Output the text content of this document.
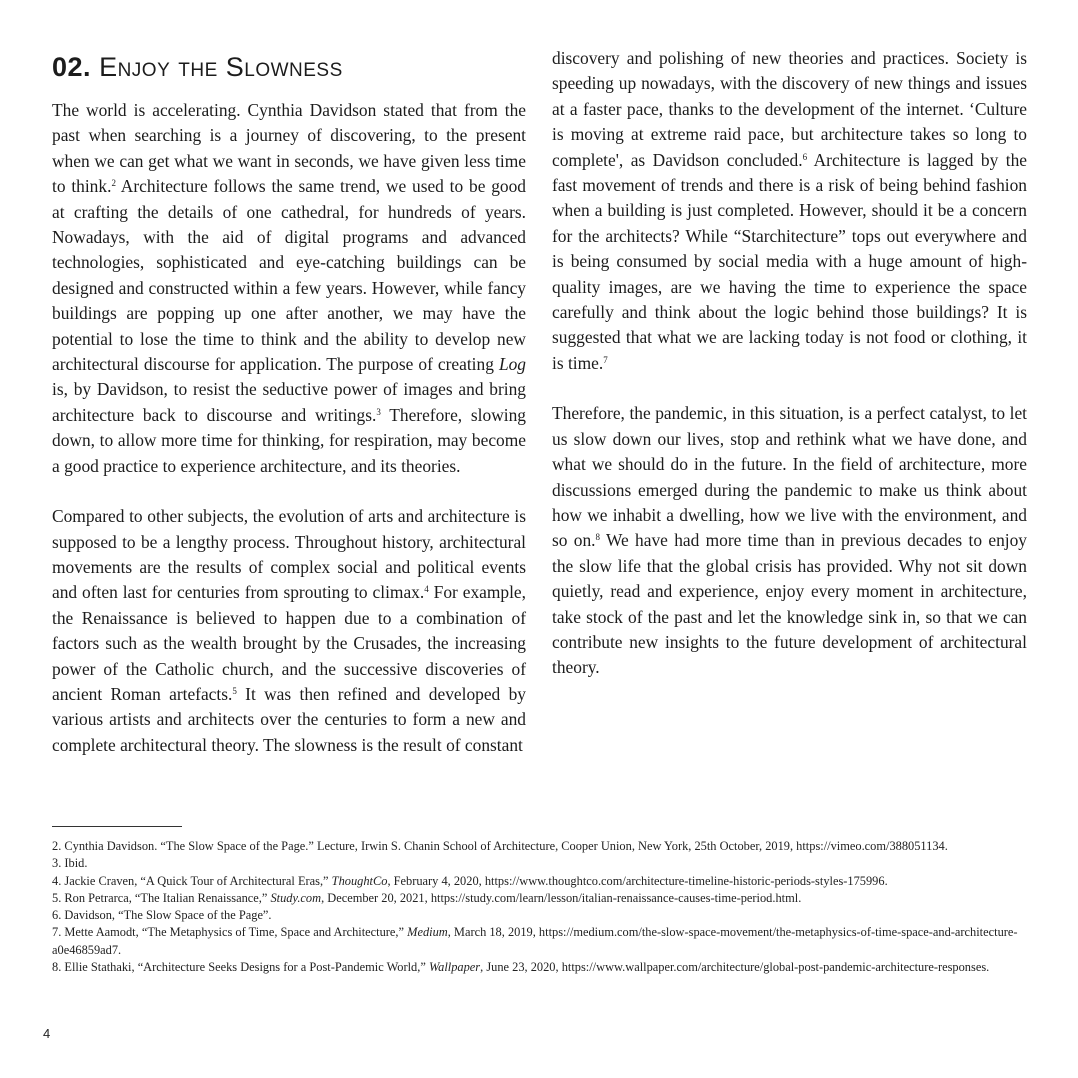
02. Enjoy the Slowness

The world is accelerating. Cynthia Davidson stated that from the past when searching is a journey of discovering, to the present when we can get what we want in seconds, we have given less time to think.$^2$ Architecture follows the same trend, we used to be good at crafting the details of one cathedral, for hundreds of years. Nowadays, with the aid of digital programs and advanced technologies, sophisticated and eye-catching buildings can be designed and constructed within a few years. However, while fancy buildings are popping up one after another, we may have the potential to lose the time to think and the ability to develop new architectural discourse for application. The purpose of creating Log is, by Davidson, to resist the seductive power of images and bring architecture back to discourse and writings.$^3$ Therefore, slowing down, to allow more time for thinking, for respiration, may become a good practice to experience architecture, and its theories.

Compared to other subjects, the evolution of arts and architecture is supposed to be a lengthy process. Throughout history, architectural movements are the results of complex social and political events and often last for centuries from sprouting to climax.$^4$ For example, the Renaissance is believed to happen due to a combination of factors such as the wealth brought by the Crusades, the increasing power of the Catholic church, and the successive discoveries of ancient Roman artefacts.$^5$ It was then refined and developed by various artists and architects over the centuries to form a new and complete architectural theory. The slowness is the result of constant

discovery and polishing of new theories and practices. Society is speeding up nowadays, with the discovery of new things and issues at a faster pace, thanks to the development of the internet. ‘Culture is moving at extreme raid pace, but architecture takes so long to complete', as Davidson concluded.$^6$ Architecture is lagged by the fast movement of trends and there is a risk of being behind fashion when a building is just completed. However, should it be a concern for the architects? While “Starchitecture” tops out everywhere and is being consumed by social media with a huge amount of high-quality images, are we having the time to experience the space carefully and think about the logic behind those buildings? It is suggested that what we are lacking today is not food or clothing, it is time.$^7$

Therefore, the pandemic, in this situation, is a perfect catalyst, to let us slow down our lives, stop and rethink what we have done, and what we should do in the future. In the field of architecture, more discussions emerged during the pandemic to make us think about how we inhabit a dwelling, how we live with the environment, and so on.$^8$ We have had more time than in previous decades to enjoy the slow life that the global crisis has provided. Why not sit down quietly, read and experience, enjoy every moment in architecture, take stock of the past and let the knowledge sink in, so that we can contribute new insights to the future development of architectural theory.

2. Cynthia Davidson. “The Slow Space of the Page.” Lecture, Irwin S. Chanin School of Architecture, Cooper Union, New York, 25th October, 2019, https://vimeo.com/388051134.

3. Ibid.

4. Jackie Craven, “A Quick Tour of Architectural Eras,” ThoughtCo, February 4, 2020, https://www.thoughtco.com/architecture-timeline-historic-periods-styles-175996.

5. Ron Petrarca, “The Italian Renaissance,” Study.com, December 20, 2021, https://study.com/learn/lesson/italian-renaissance-causes-time-period.html.

6. Davidson, “The Slow Space of the Page”.

7. Mette Aamodt, “The Metaphysics of Time, Space and Architecture,” Medium, March 18, 2019, https://medium.com/the-slow-space-movement/the-metaphysics-of-time-space-and-architecture-a0e46859ad7.

8. Ellie Stathaki, “Architecture Seeks Designs for a Post-Pandemic World,” Wallpaper, June 23, 2020, https://www.wallpaper.com/architecture/global-post-pandemic-architecture-responses.

4
